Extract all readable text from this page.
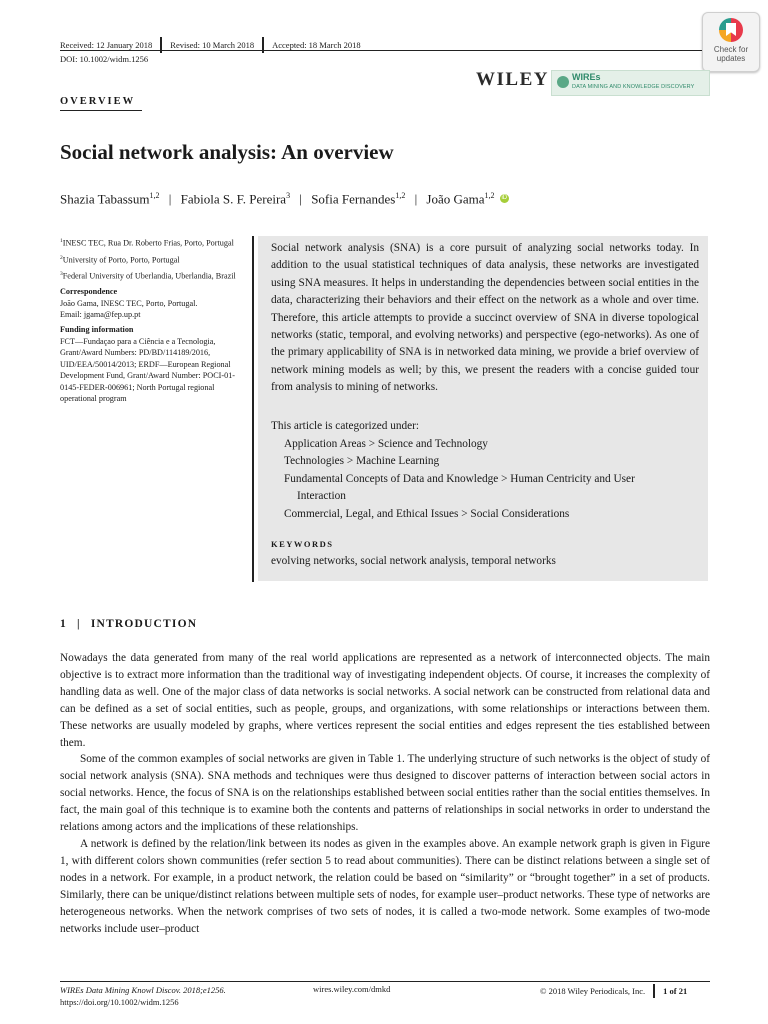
Received: 12 January 2018 Revised: 10 March 2018 Accepted: 18 March 2018
DOI: 10.1002/widm.1256
Check for
updates
WILEY	WIREs
DATA MINING AND KNOWLEDGE DISCOVERY
OVERVIEW
Social network analysis: An overview
Shazia Tabassum$^{1,2}$ | Fabiola S. F. Pereira$^3$ | Sofia Fernandes$^{1,2}$ | João Gama$^{1,2}$ iD

$^1$INESC TEC, Rua Dr. Roberto Frias, Porto, Portugal

$^2$University of Porto, Porto, Portugal

$^3$Federal University of Uberlandia, Uberlandia, Brazil

Correspondence

João Gama, INESC TEC, Porto, Portugal.

Email: jgama@fep.up.pt

Funding information

FCT—Fundaçao para a Ciência e a Tecnologia, Grant/Award Numbers: PD/BD/114189/2016, UID/EEA/50014/2013; ERDF—European Regional Development Fund, Grant/Award Number: POCI-01-0145-FEDER-006961; North Portugal regional operational program

Social network analysis (SNA) is a core pursuit of analyzing social networks today. In addition to the usual statistical techniques of data analysis, these networks are investigated using SNA measures. It helps in understanding the dependencies between social entities in the data, characterizing their behaviors and their effect on the network as a whole and over time. Therefore, this article attempts to provide a succinct overview of SNA in diverse topological networks (static, temporal, and evolving networks) and perspective (ego-networks). As one of the primary applicability of SNA is in networked data mining, we provide a brief overview of network mining models as well; by this, we present the readers with a concise guided tour from analysis to mining of networks.
This article is categorized under:
Application Areas > Science and Technology
Technologies > Machine Learning
Fundamental Concepts of Data and Knowledge > Human Centricity and User
Interaction
Commercial, Legal, and Ethical Issues > Social Considerations
KEYWORDS
evolving networks, social network analysis, temporal networks
1 | INTRODUCTION

Nowadays the data generated from many of the real world applications are represented as a network of interconnected objects. The main objective is to extract more information than the traditional way of investigating independent objects. Of course, it increases the complexity of handling data as well. One of the major class of data networks is social networks. A social network can be constructed from relational data and can be defined as a set of social entities, such as people, groups, and organizations, with some relationships or interactions between them. These networks are usually modeled by graphs, where vertices represent the social entities and edges represent the ties established between them.

Some of the common examples of social networks are given in Table 1. The underlying structure of such networks is the object of study of social network analysis (SNA). SNA methods and techniques were thus designed to discover patterns of interaction between social actors in social networks. Hence, the focus of SNA is on the relationships established between social entities rather than the social entities themselves. In fact, the main goal of this technique is to examine both the contents and patterns of relationships in social networks in order to understand the relations among actors and the implications of these relationships.

A network is defined by the relation/link between its nodes as given in the examples above. An example network graph is given in Figure 1, with different colors shown communities (refer section 5 to read about communities). There can be distinct relations between a single set of nodes in a network. For example, in a product network, the relation could be based on “similarity” or “brought together” in a set of products. Similarly, there can be unique/distinct relations between multiple sets of nodes, for example user–product networks. These type of networks are heterogeneous networks. When the network comprises of two sets of nodes, it is called a two-mode network. Some examples of two-mode networks include user–product

WIREs Data Mining Knowl Discov. 2018;e1256.
https://doi.org/10.1002/widm.1256
wires.wiley.com/dmkd	© 2018 Wiley Periodicals, Inc. 1 of 21
